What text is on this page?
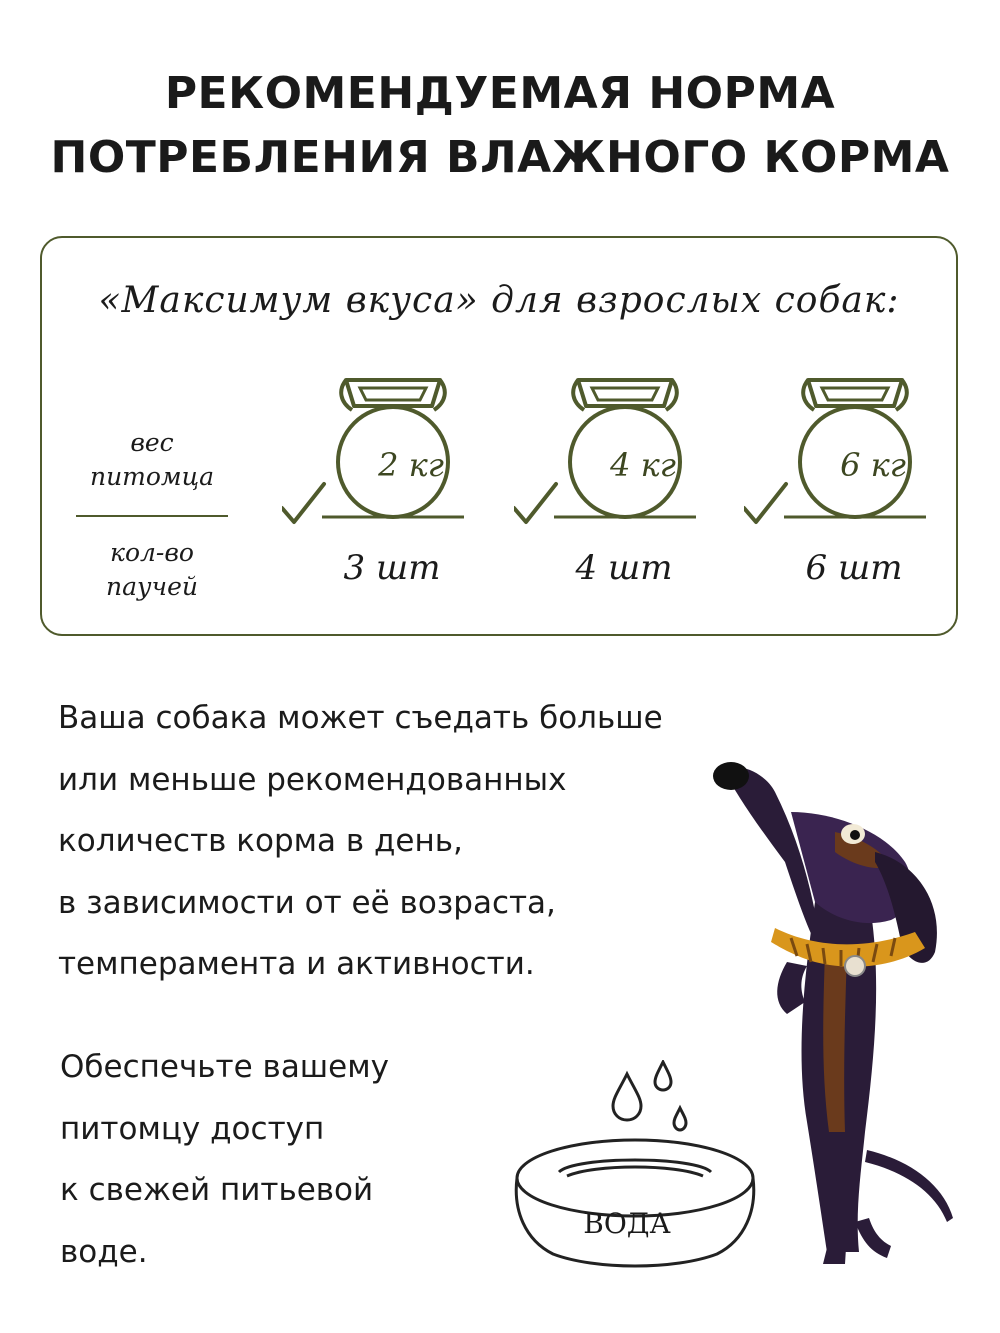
РЕКОМЕНДУЕМАЯ НОРМА
ПОТРЕБЛЕНИЯ ВЛАЖНОГО КОРМА
«Максимум вкуса» для взрослых собак:
вес
питомца
кол-во
паучей
2 кг
3 шт
4 кг
4 шт
6 кг
6 шт
Ваша собака может съедать больше
или меньше рекомендованных
количеств корма в день,
в зависимости от её возраста,
темперамента и активности.
Обеспечьте вашему
питомцу доступ
к свежей питьевой
воде.
ВОДА
